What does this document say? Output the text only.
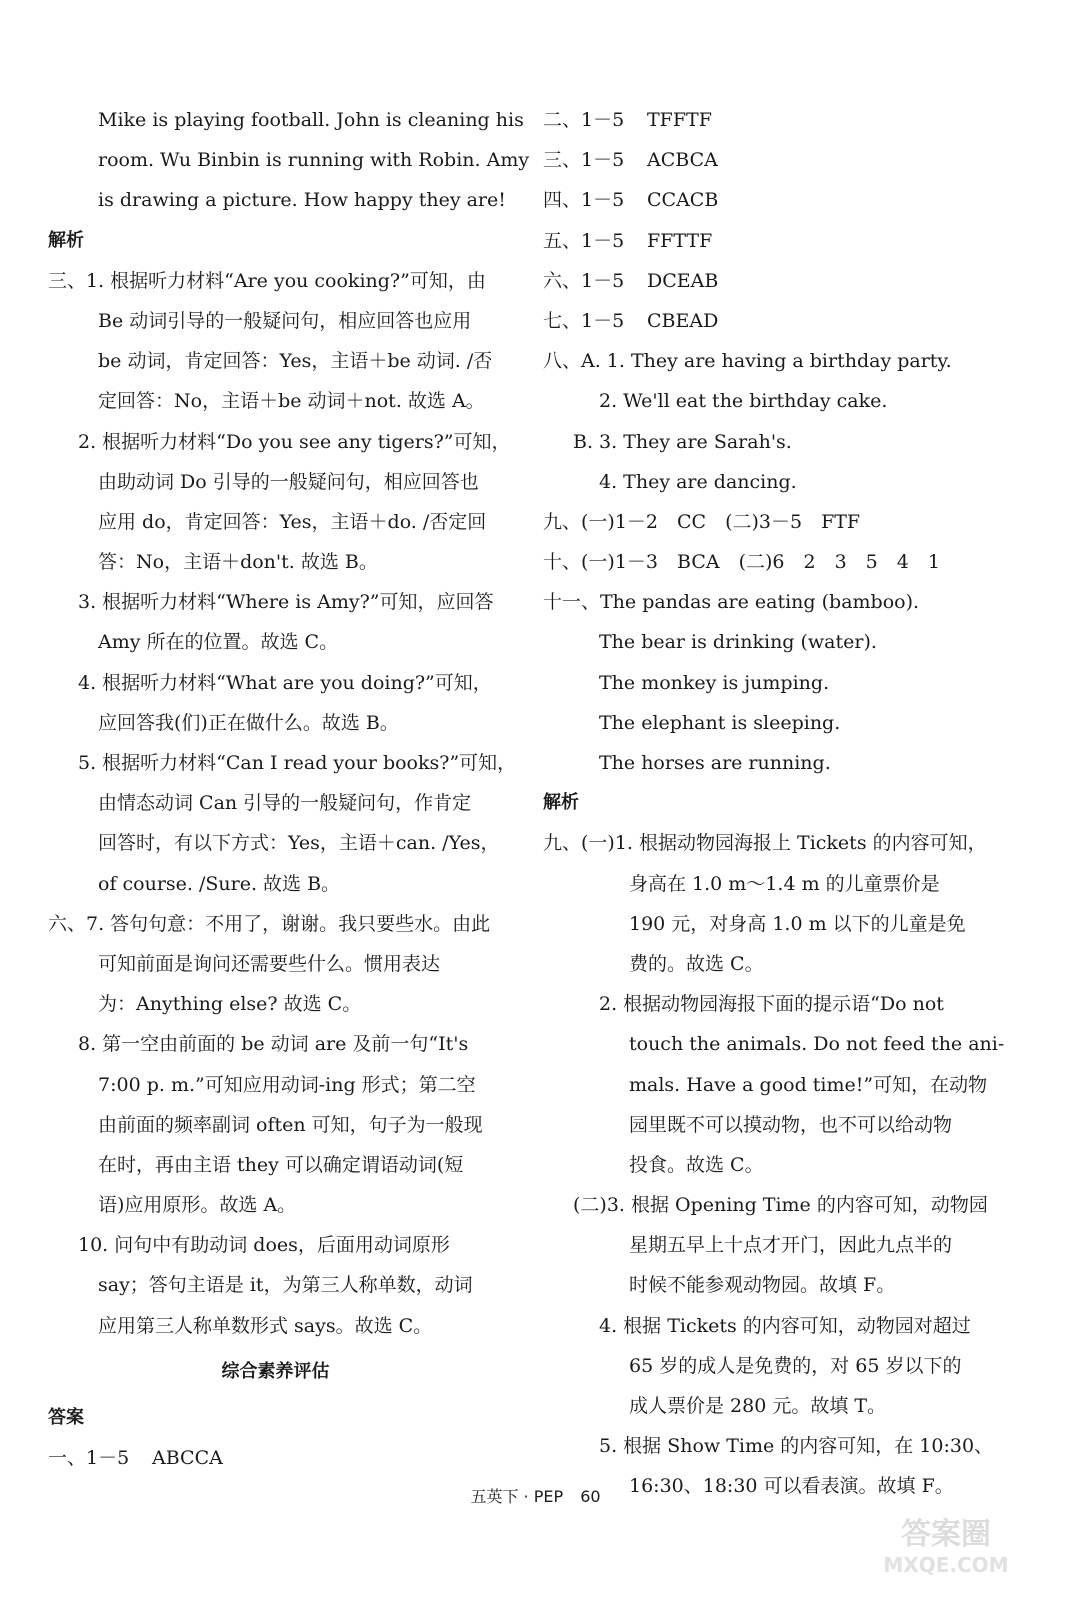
Mike is playing football. John is cleaning his
room. Wu Binbin is running with Robin. Amy
is drawing a picture. How happy they are!
解析
三、1. 根据听力材料“Are you cooking?”可知，由
Be 动词引导的一般疑问句，相应回答也应用
be 动词，肯定回答：Yes，主语＋be 动词. /否
定回答：No，主语＋be 动词＋not. 故选 A。
2. 根据听力材料“Do you see any tigers?”可知，
由助动词 Do 引导的一般疑问句，相应回答也
应用 do，肯定回答：Yes，主语＋do. /否定回
答：No，主语＋don't. 故选 B。
3. 根据听力材料“Where is Amy?”可知，应回答
Amy 所在的位置。故选 C。
4. 根据听力材料“What are you doing?”可知，
应回答我(们)正在做什么。故选 B。
5. 根据听力材料“Can I read your books?”可知，
由情态动词 Can 引导的一般疑问句，作肯定
回答时，有以下方式：Yes，主语＋can. /Yes，
of course. /Sure. 故选 B。
六、7. 答句句意：不用了，谢谢。我只要些水。由此
可知前面是询问还需要些什么。惯用表达
为：Anything else? 故选 C。
8. 第一空由前面的 be 动词 are 及前一句“It's
7:00 p. m.”可知应用动词-ing 形式；第二空
由前面的频率副词 often 可知，句子为一般现
在时，再由主语 they 可以确定谓语动词(短
语)应用原形。故选 A。
10. 问句中有助动词 does，后面用动词原形
say；答句主语是 it，为第三人称单数，动词
应用第三人称单数形式 says。故选 C。
综合素养评估
答案
一、1－5 ABCCA
二、1－5 TFFTF
三、1－5 ACBCA
四、1－5 CCACB
五、1－5 FFTTF
六、1－5 DCEAB
七、1－5 CBEAD
八、A. 1. They are having a birthday party.
2. We'll eat the birthday cake.
B. 3. They are Sarah's.
4. They are dancing.
九、(一)1－2　CC　(二)3－5　FTF
十、(一)1－3　BCA　(二)6　2　3　5　4　1
十一、The pandas are eating (bamboo).
The bear is drinking (water).
The monkey is jumping.
The elephant is sleeping.
The horses are running.
解析
九、(一)1. 根据动物园海报上 Tickets 的内容可知，
身高在 1.0 m～1.4 m 的儿童票价是
190 元，对身高 1.0 m 以下的儿童是免
费的。故选 C。
2. 根据动物园海报下面的提示语“Do not
touch the animals. Do not feed the ani-
mals. Have a good time!”可知，在动物
园里既不可以摸动物，也不可以给动物
投食。故选 C。
(二)3. 根据 Opening Time 的内容可知，动物园
星期五早上十点才开门，因此九点半的
时候不能参观动物园。故填 F。
4. 根据 Tickets 的内容可知，动物园对超过
65 岁的成人是免费的，对 65 岁以下的
成人票价是 280 元。故填 T。
5. 根据 Show Time 的内容可知，在 10:30、
16:30、18:30 可以看表演。故填 F。
五英下 · PEP 60
答案圈
MXQE.COM
